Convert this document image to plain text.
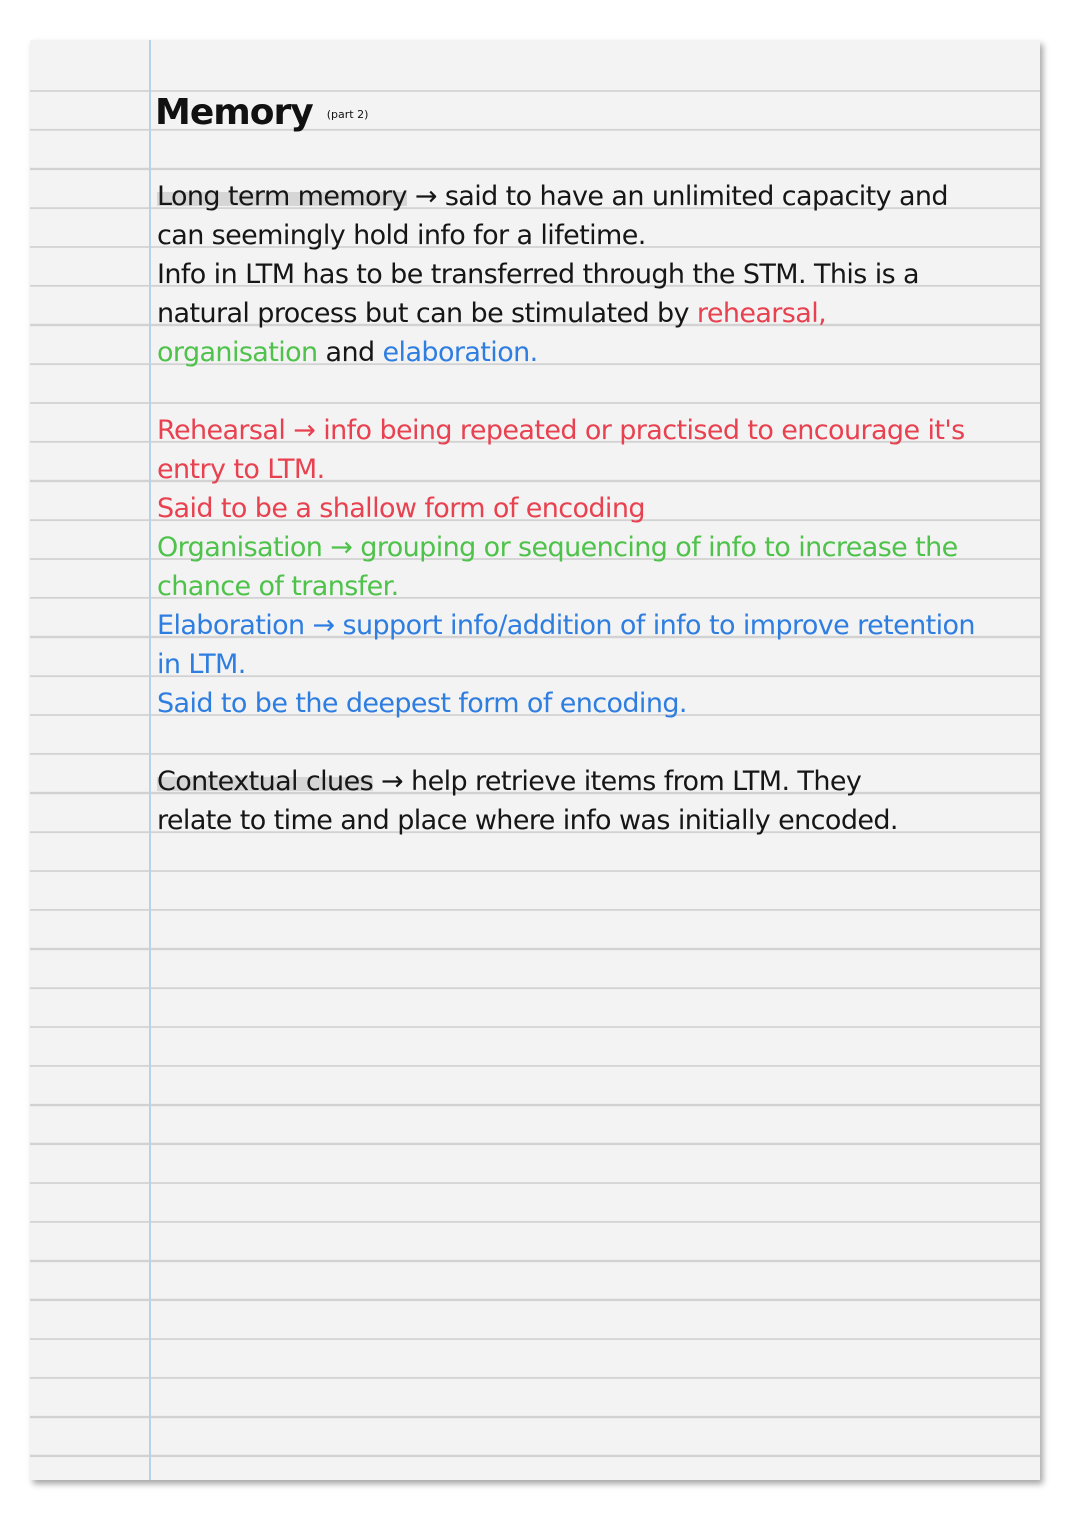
Memory (part 2)
Long term memory → said to have an unlimited capacity and
can seemingly hold info for a lifetime.
Info in LTM has to be transferred through the STM. This is a
natural process but can be stimulated by rehearsal,
organisation and elaboration.
Rehearsal → info being repeated or practised to encourage it's
entry to LTM.
Said to be a shallow form of encoding
Organisation → grouping or sequencing of info to increase the
chance of transfer.
Elaboration → support info/addition of info to improve retention
in LTM.
Said to be the deepest form of encoding.
Contextual clues → help retrieve items from LTM. They
relate to time and place where info was initially encoded.
